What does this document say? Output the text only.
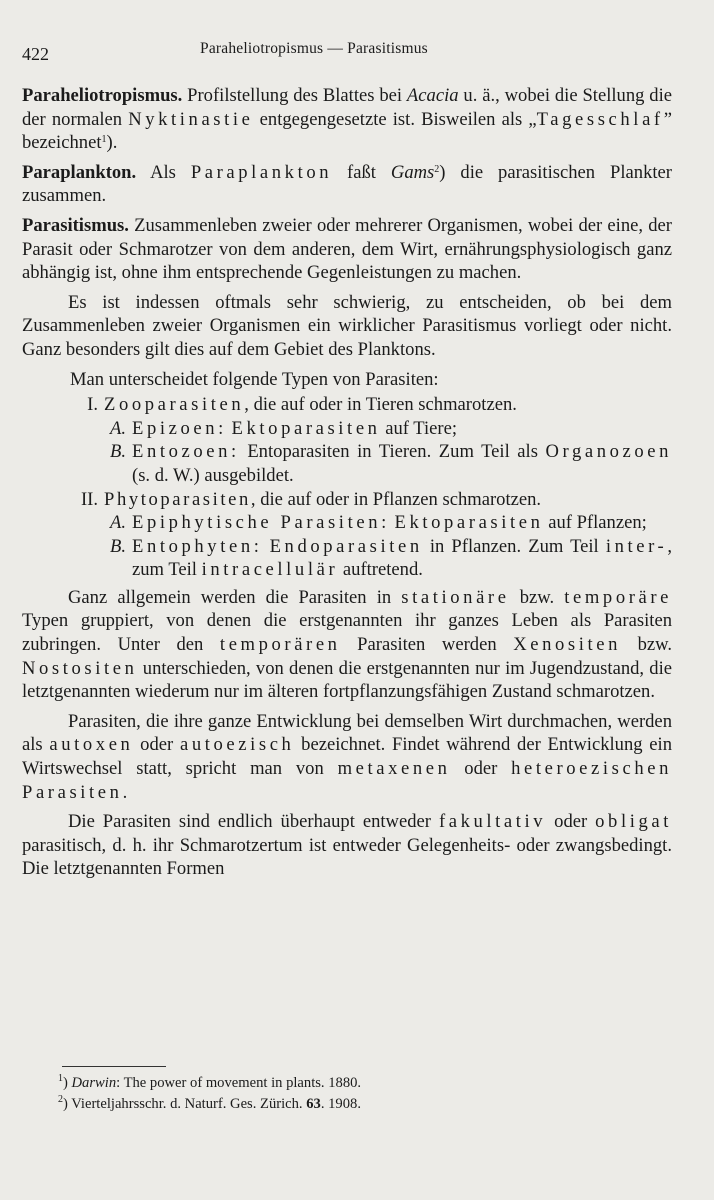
422	Paraheliotropismus — Parasitismus

Paraheliotropismus. Profilstellung des Blattes bei Acacia u. ä., wobei die Stellung die der normalen Nyktinastie entgegengesetzte ist. Bisweilen als „Tagesschlaf” bezeichnet$^1$).

Paraplankton. Als Paraplankton faßt Gams$^2$) die parasitischen Plankter zusammen.

Parasitismus. Zusammenleben zweier oder mehrerer Organismen, wobei der eine, der Parasit oder Schmarotzer von dem anderen, dem Wirt, ernährungsphysiologisch ganz abhängig ist, ohne ihm entsprechende Gegenleistungen zu machen.

Es ist indessen oftmals sehr schwierig, zu entscheiden, ob bei dem Zusammenleben zweier Organismen ein wirklicher Parasitismus vorliegt oder nicht. Ganz besonders gilt dies auf dem Gebiet des Planktons.

Man unterscheidet folgende Typen von Parasiten:

I. Zooparasiten, die auf oder in Tieren schmarotzen.
A. Epizoen: Ektoparasiten auf Tiere;
B. Entozoen: Entoparasiten in Tieren. Zum Teil als Organozoen (s. d. W.) ausgebildet.
II. Phytoparasiten, die auf oder in Pflanzen schmarotzen.
A. Epiphytische Parasiten: Ektoparasiten auf Pflanzen;
B. Entophyten: Endoparasiten in Pflanzen. Zum Teil inter-, zum Teil intracellulär auftretend.

Ganz allgemein werden die Parasiten in stationäre bzw. temporäre Typen gruppiert, von denen die erstgenannten ihr ganzes Leben als Parasiten zubringen. Unter den temporären Parasiten werden Xenositen bzw. Nostositen unterschieden, von denen die erstgenannten nur im Jugendzustand, die letztgenannten wiederum nur im älteren fortpflanzungsfähigen Zustand schmarotzen.

Parasiten, die ihre ganze Entwicklung bei demselben Wirt durchmachen, werden als autoxen oder autoezisch bezeichnet. Findet während der Entwicklung ein Wirtswechsel statt, spricht man von metaxenen oder heteroezischen Parasiten.

Die Parasiten sind endlich überhaupt entweder fakultativ oder obligat parasitisch, d. h. ihr Schmarotzertum ist entweder Gelegenheits- oder zwangsbedingt. Die letztgenannten Formen

$^1$) Darwin: The power of movement in plants. 1880.
$^2$) Vierteljahrsschr. d. Naturf. Ges. Zürich. 63. 1908.
